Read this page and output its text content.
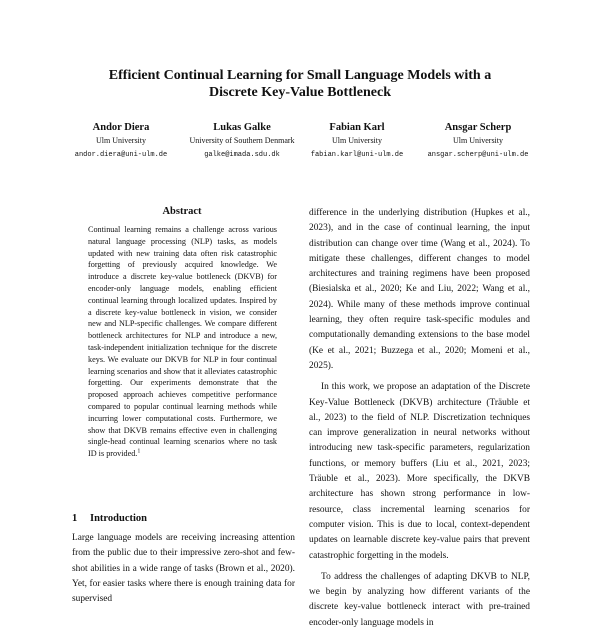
Efficient Continual Learning for Small Language Models with a
Discrete Key-Value Bottleneck
Andor Diera
Ulm University
andor.diera@uni-ulm.de
Lukas Galke
University of Southern Denmark
galke@imada.sdu.dk
Fabian Karl
Ulm University
fabian.karl@uni-ulm.de
Ansgar Scherp
Ulm University
ansgar.scherp@uni-ulm.de
Abstract

Continual learning remains a challenge across various natural language processing (NLP) tasks, as models updated with new training data often risk catastrophic forgetting of previously acquired knowledge. We introduce a discrete key-value bottleneck (DKVB) for encoder-only language models, enabling efficient continual learning through localized updates. Inspired by a discrete key-value bottleneck in vision, we consider new and NLP-specific challenges. We compare different bottleneck architectures for NLP and introduce a new, task-independent initialization technique for the discrete keys. We evaluate our DKVB for NLP in four continual learning scenarios and show that it alleviates catastrophic forgetting. Our experiments demonstrate that the proposed approach achieves competitive performance compared to popular continual learning methods while incurring lower computational costs. Furthermore, we show that DKVB remains effective even in challenging single-head continual learning scenarios where no task ID is provided.$^1$

1 Introduction

Large language models are receiving increasing attention from the public due to their impressive zero-shot and few-shot abilities in a wide range of tasks (Brown et al., 2020). Yet, for easier tasks where there is enough training data for supervised

difference in the underlying distribution (Hupkes et al., 2023), and in the case of continual learning, the input distribution can change over time (Wang et al., 2024). To mitigate these challenges, different changes to model architectures and training regimens have been proposed (Biesialska et al., 2020; Ke and Liu, 2022; Wang et al., 2024). While many of these methods improve continual learning, they often require task-specific modules and computationally demanding extensions to the base model (Ke et al., 2021; Buzzega et al., 2020; Momeni et al., 2025).

In this work, we propose an adaptation of the Discrete Key-Value Bottleneck (DKVB) architecture (Träuble et al., 2023) to the field of NLP. Discretization techniques can improve generalization in neural networks without introducing new task-specific parameters, regularization functions, or memory buffers (Liu et al., 2021, 2023; Träuble et al., 2023). More specifically, the DKVB architecture has shown strong performance in low-resource, class incremental learning scenarios for computer vision. This is due to local, context-dependent updates on learnable discrete key-value pairs that prevent catastrophic forgetting in the models.

To address the challenges of adapting DKVB to NLP, we begin by analyzing how different variants of the discrete key-value bottleneck interact with pre-trained encoder-only language models in
